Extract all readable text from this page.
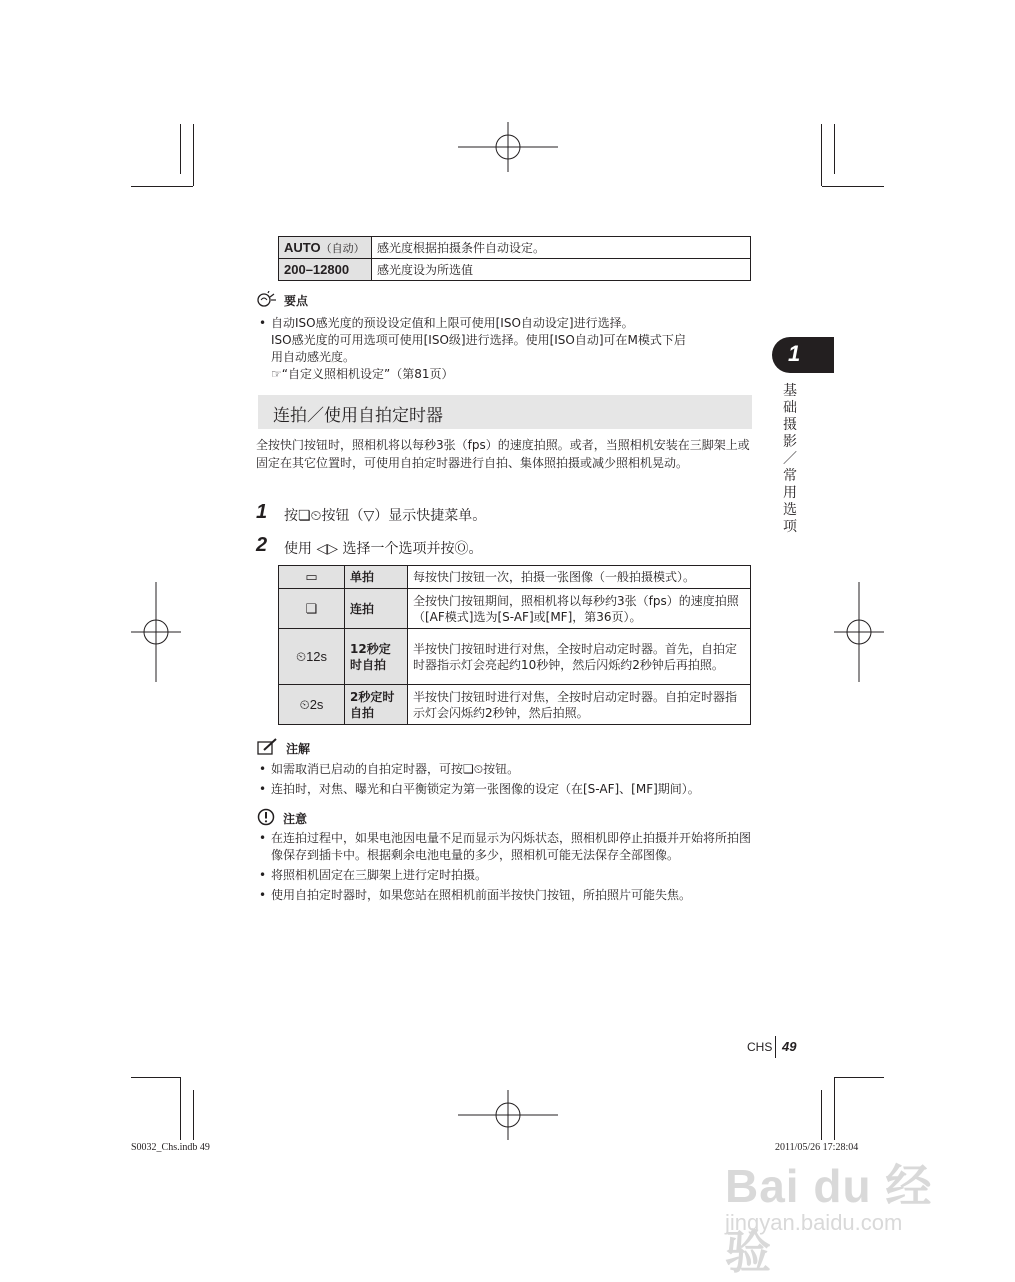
AUTO（自动）	感光度根据拍摄条件自动设定。
200–12800	感光度设为所选值
要点
• 自动ISO感光度的预设设定值和上限可使用[ISO自动设定]进行选择。
ISO感光度的可用选项可使用[ISO级]进行选择。使用[ISO自动]可在M模式下启
用自动感光度。
☞“自定义照相机设定”（第81页）
连拍／使用自拍定时器
全按快门按钮时，照相机将以每秒3张（fps）的速度拍照。或者，当照相机安装在三脚架上或固定在其它位置时，可使用自拍定时器进行自拍、集体照拍摄或减少照相机晃动。
1 按❏⏲按钮（▽）显示快捷菜单。
2 使用 ◁▷ 选择一个选项并按Ⓞ。
▭	单拍	每按快门按钮一次，拍摄一张图像（一般拍摄模式）。
❏	连拍	全按快门按钮期间，照相机将以每秒约3张（fps）的速度拍照（[AF模式]选为[S-AF]或[MF]，第36页）。
⏲12s	12秒定时自拍	半按快门按钮时进行对焦，全按时启动定时器。首先，自拍定时器指示灯会亮起约10秒钟，然后闪烁约2秒钟后再拍照。
⏲2s	2秒定时自拍	半按快门按钮时进行对焦，全按时启动定时器。自拍定时器指示灯会闪烁约2秒钟，然后拍照。
注解
• 如需取消已启动的自拍定时器，可按❏⏲按钮。
• 连拍时，对焦、曝光和白平衡锁定为第一张图像的设定（在[S-AF]、[MF]期间）。
注意
• 在连拍过程中，如果电池因电量不足而显示为闪烁状态，照相机即停止拍摄并开始将所拍图像保存到插卡中。根据剩余电池电量的多少，照相机可能无法保存全部图像。
• 将照相机固定在三脚架上进行定时拍摄。
• 使用自拍定时器时，如果您站在照相机前面半按快门按钮，所拍照片可能失焦。
1
基础摄影／常用选项
CHS 49
S0032_Chs.indb 49	2011/05/26 17:28:04
Bai du 经验
jingyan.baidu.com
